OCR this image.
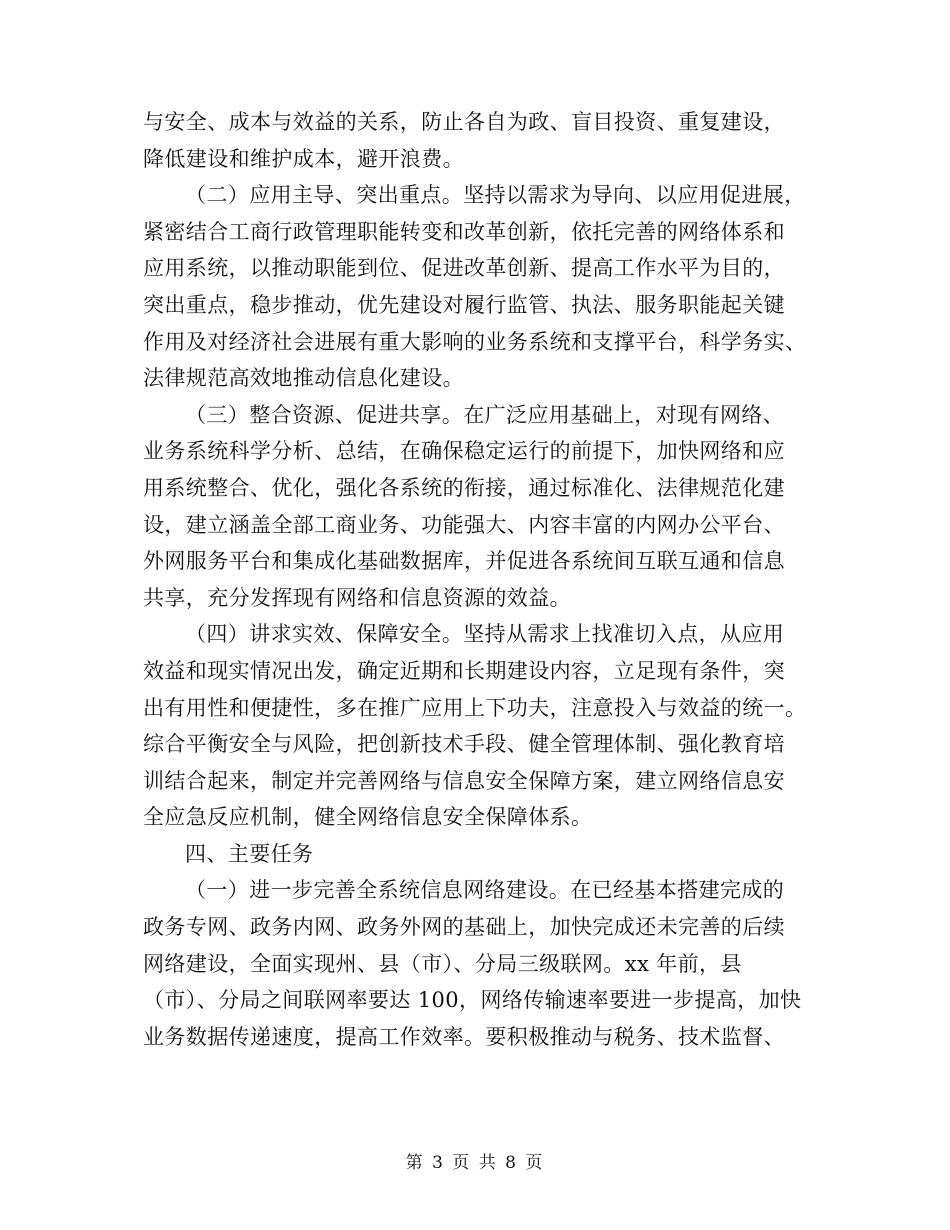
与安全、成本与效益的关系，防止各自为政、盲目投资、重复建设，
降低建设和维护成本，避开浪费。
（二）应用主导、突出重点。坚持以需求为导向、以应用促进展，
紧密结合工商行政管理职能转变和改革创新，依托完善的网络体系和
应用系统，以推动职能到位、促进改革创新、提高工作水平为目的，
突出重点，稳步推动，优先建设对履行监管、执法、服务职能起关键
作用及对经济社会进展有重大影响的业务系统和支撑平台，科学务实、
法律规范高效地推动信息化建设。
（三）整合资源、促进共享。在广泛应用基础上，对现有网络、
业务系统科学分析、总结，在确保稳定运行的前提下，加快网络和应
用系统整合、优化，强化各系统的衔接，通过标准化、法律规范化建
设，建立涵盖全部工商业务、功能强大、内容丰富的内网办公平台、
外网服务平台和集成化基础数据库，并促进各系统间互联互通和信息
共享，充分发挥现有网络和信息资源的效益。
（四）讲求实效、保障安全。坚持从需求上找准切入点，从应用
效益和现实情况出发，确定近期和长期建设内容，立足现有条件，突
出有用性和便捷性，多在推广应用上下功夫，注意投入与效益的统一。
综合平衡安全与风险，把创新技术手段、健全管理体制、强化教育培
训结合起来，制定并完善网络与信息安全保障方案，建立网络信息安
全应急反应机制，健全网络信息安全保障体系。
四、主要任务
（一）进一步完善全系统信息网络建设。在已经基本搭建完成的
政务专网、政务内网、政务外网的基础上，加快完成还未完善的后续
网络建设，全面实现州、县（市）、分局三级联网。xx 年前，县
（市）、分局之间联网率要达 100，网络传输速率要进一步提高，加快
业务数据传递速度，提高工作效率。要积极推动与税务、技术监督、
第 3 页 共 8 页
